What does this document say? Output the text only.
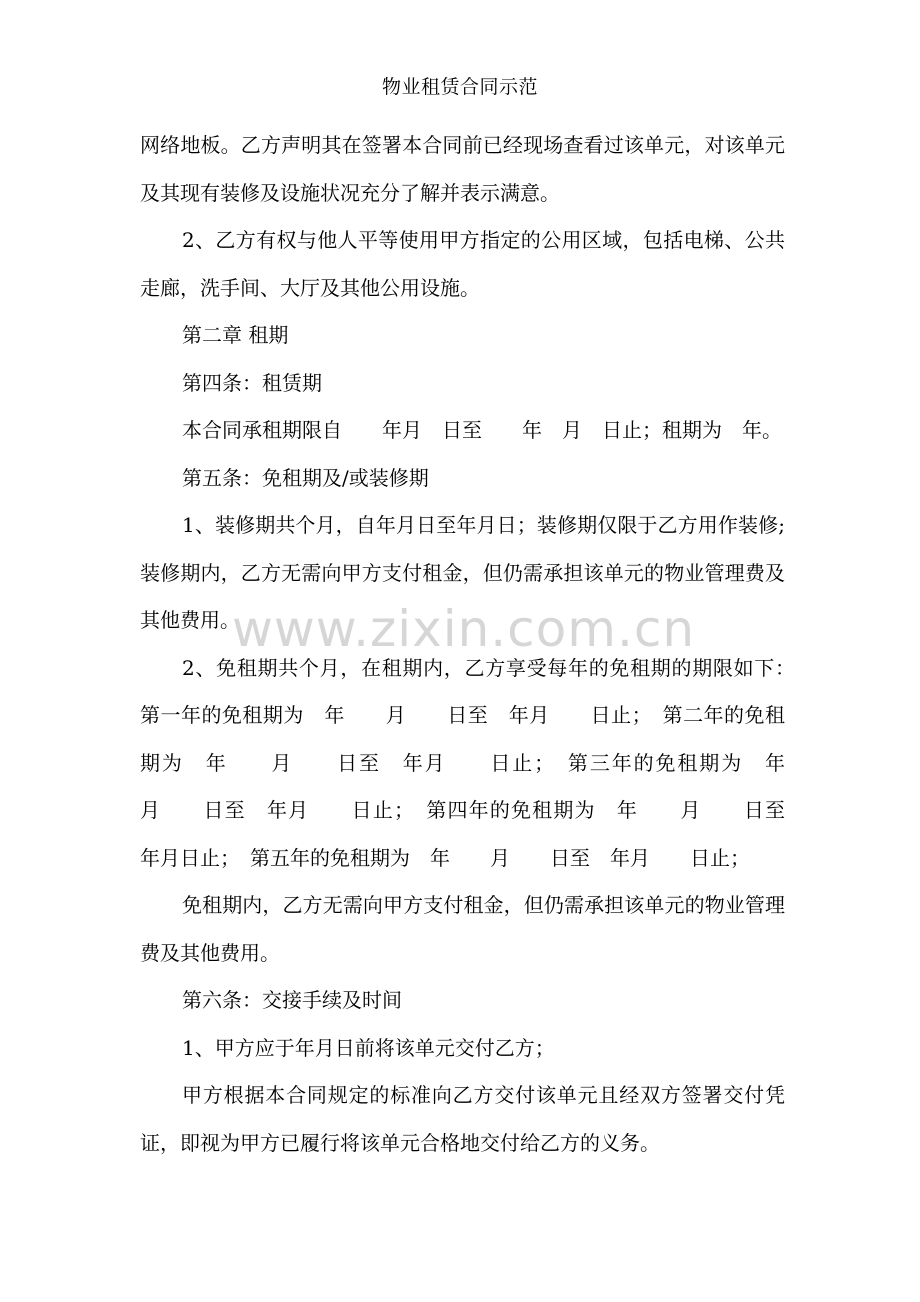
物业租赁合同示范

网络地板。乙方声明其在签署本合同前已经现场查看过该单元，对该单元及其现有装修及设施状况充分了解并表示满意。

2、乙方有权与他人平等使用甲方指定的公用区域，包括电梯、公共走廊，洗手间、大厅及其他公用设施。

第二章 租期

第四条：租赁期

本合同承租期限自　　年月　日至　　年　月　日止；租期为　年。

第五条：免租期及/或装修期

1、装修期共个月，自年月日至年月日；装修期仅限于乙方用作装修; 装修期内，乙方无需向甲方支付租金，但仍需承担该单元的物业管理费及其他费用。

2、免租期共个月，在租期内，乙方享受每年的免租期的期限如下：　第一年的免租期为　年　　月　　日至　年月　　日止；　第二年的免租期为　年　　月　　日至　年月　　日止；　第三年的免租期为　年　　月　　日至　年月　　日止；　第四年的免租期为　年　　月　　日至　年月日止；　第五年的免租期为　年　　月　　日至　年月　　日止；

免租期内，乙方无需向甲方支付租金，但仍需承担该单元的物业管理费及其他费用。

第六条：交接手续及时间

1、甲方应于年月日前将该单元交付乙方；

甲方根据本合同规定的标准向乙方交付该单元且经双方签署交付凭证，即视为甲方已履行将该单元合格地交付给乙方的义务。

www.zixin.com.cn
